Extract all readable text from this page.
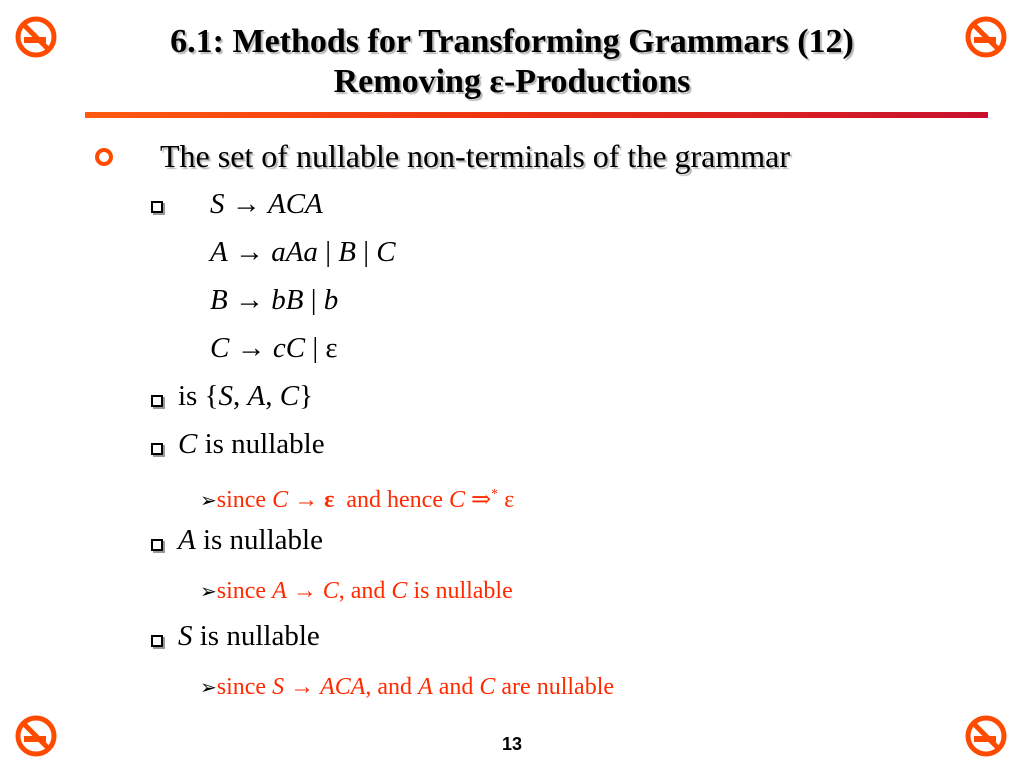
6.1: Methods for Transforming Grammars (12)
Removing ε-Productions
The set of nullable non-terminals of the grammar
S → ACA
A → aAa | B | C
B → bB | b
C → cC | ε
is {S, A, C}
C is nullable
➢since C → ε and hence C ⇒* ε
A is nullable
➢since A → C, and C is nullable
S is nullable
➢since S → ACA, and A and C are nullable
13
